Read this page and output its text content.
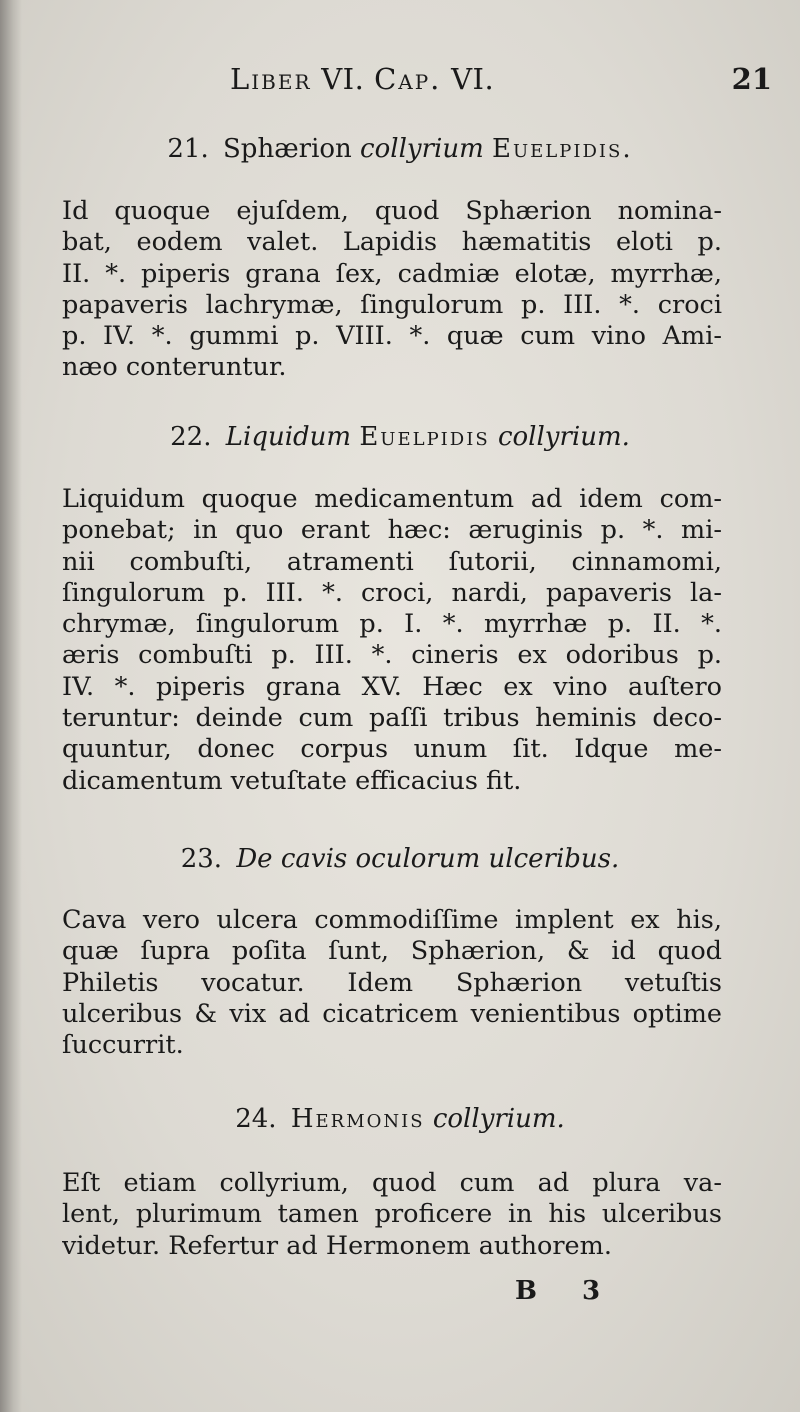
Liber VI. Cap. VI.	21
21. Sphærion collyrium Euelpidis.
Id quoque ejuſdem, quod Sphærion nomina-
bat, eodem valet. Lapidis hæmatitis eloti p.
II. *. piperis grana ſex, cadmiæ elotæ, myrrhæ,
papaveris lachrymæ, ſingulorum p. III. *. croci
p. IV. *. gummi p. VIII. *. quæ cum vino Ami-
næo conteruntur.
22. Liquidum Euelpidis collyrium.
Liquidum quoque medicamentum ad idem com-
ponebat; in quo erant hæc: æruginis p. *. mi-
nii combuſti, atramenti ſutorii, cinnamomi,
ſingulorum p. III. *. croci, nardi, papaveris la-
chrymæ, ſingulorum p. I. *. myrrhæ p. II. *.
æris combuſti p. III. *. cineris ex odoribus p.
IV. *. piperis grana XV. Hæc ex vino auſtero
teruntur: deinde cum paſſi tribus heminis deco-
quuntur, donec corpus unum ſit. Idque me-
dicamentum vetuſtate efficacius fit.
23. De cavis oculorum ulceribus.
Cava vero ulcera commodiſſime implent ex his,
quæ ſupra poſita ſunt, Sphærion, & id quod
Philetis vocatur. Idem Sphærion vetuſtis
ulceribus & vix ad cicatricem venientibus optime
ſuccurrit.
24. Hermonis collyrium.
Eſt etiam collyrium, quod cum ad plura va-
lent, plurimum tamen proficere in his ulceribus
videtur. Refertur ad Hermonem authorem.
B 3
